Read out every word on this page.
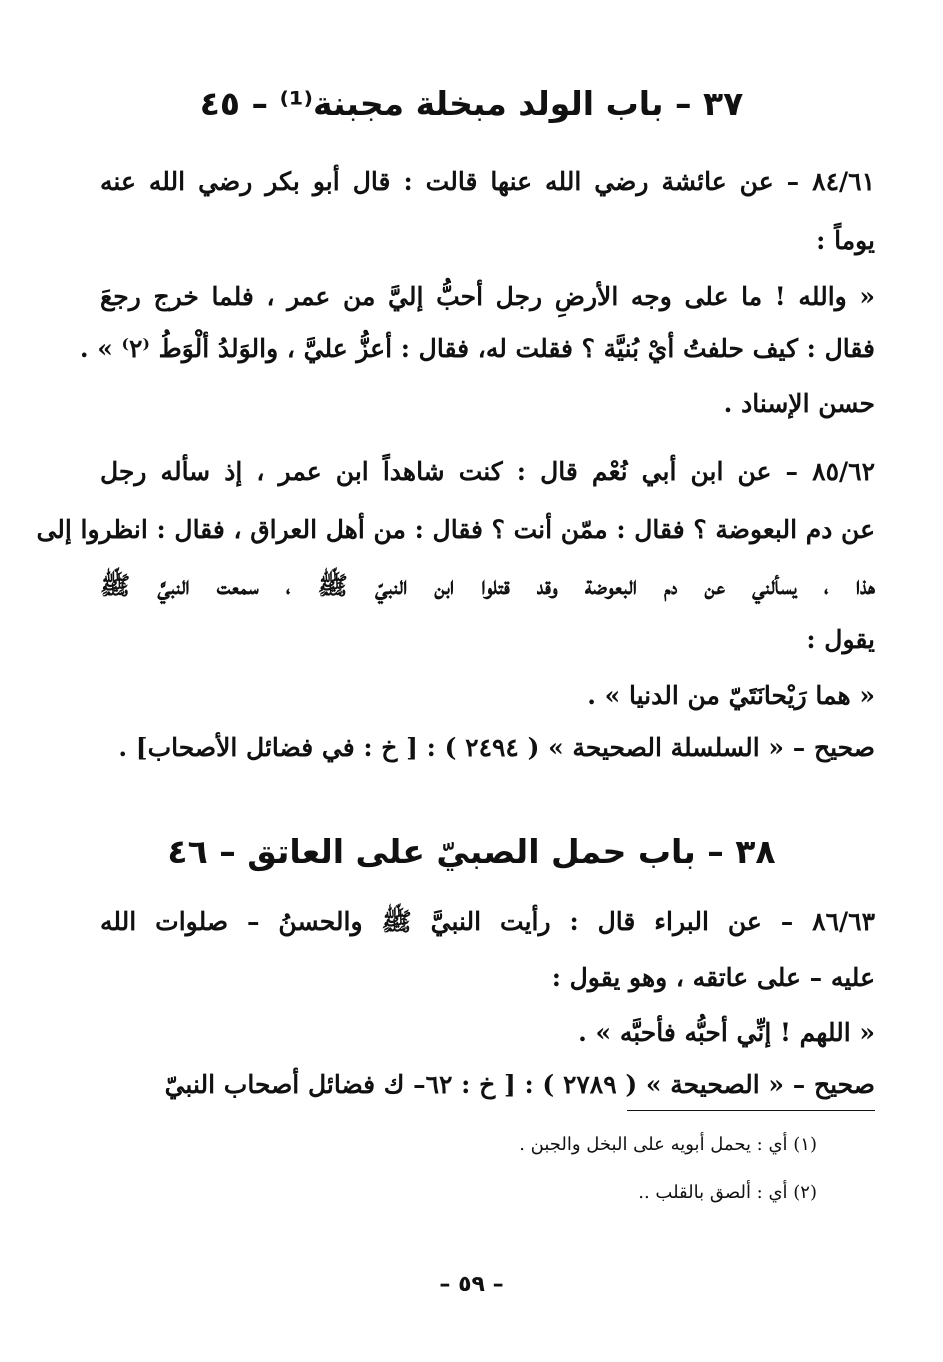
٣٧ – باب الولد مبخلة مجبنة⁽¹⁾ – ٤٥
٨٤/٦١ – عن عائشة رضي الله عنها قالت : قال أبو بكر رضي الله عنه
يوماً :
« والله ! ما على وجه الأرضِ رجل أحبُّ إليَّ من عمر ، فلما خرج رجعَ
فقال : كيف حلفتُ أيْ بُنيَّة ؟ فقلت له، فقال : أعزُّ عليَّ ، والوَلدُ ألْوَطُ ⁽٢⁾ » .
حسن الإسناد .
٨٥/٦٢ – عن ابن أبي نُعْم قال : كنت شاهداً ابن عمر ، إذ سأله رجل
عن دم البعوضة ؟ فقال : ممّن أنت ؟ فقال : من أهل العراق ، فقال : انظروا إلى
هذا ، يسألني عن دم البعوضة وقد قتلوا ابن النبيّ ﷺ ، سمعت النبيَّ ﷺ
يقول :
« هما رَيْحانَتَيّ من الدنيا » .
صحيح – « السلسلة الصحيحة » ( ٢٤٩٤ ) : [ خ : في فضائل الأصحاب] .
٣٨ – باب حمل الصبيّ على العاتق – ٤٦
٨٦/٦٣ – عن البراء قال : رأيت النبيَّ ﷺ والحسنُ – صلوات الله
عليه – على عاتقه ، وهو يقول :
« اللهم ! إنِّي أحبُّه فأحبَّه » .
صحيح – « الصحيحة » ( ٢٧٨٩ ) : [ خ : ٦٢– ك فضائل أصحاب النبيّ
(١) أي : يحمل أبويه على البخل والجبن .
(٢) أي : ألصق بالقلب ..
– ٥٩ –
